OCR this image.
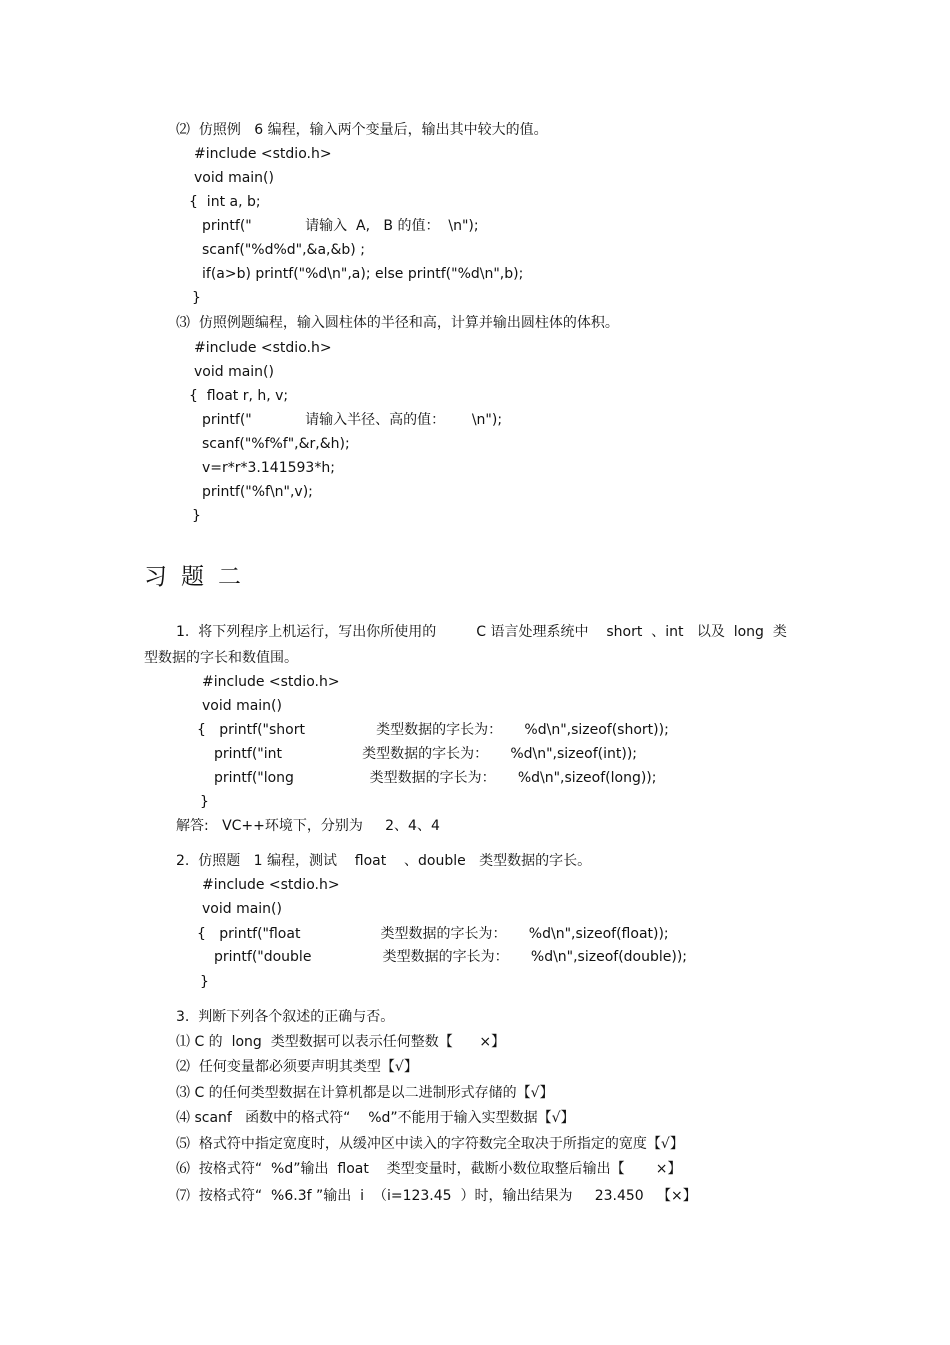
⑵  仿照例   6 编程，输入两个变量后，输出其中较大的值。
#include <stdio.h>
void main()
{  int a, b;
printf("            请输入  A,   B 的值：  \n");
scanf("%d%d",&a,&b) ;
if(a>b) printf("%d\n",a); else printf("%d\n",b);
}
⑶  仿照例题编程，输入圆柱体的半径和高，计算并输出圆柱体的体积。
#include <stdio.h>
void main()
{  float r, h, v;
printf("            请输入半径、高的值：      \n");
scanf("%f%f",&r,&h);
v=r*r*3.141593*h;
printf("%f\n",v);
}
习题二
1.  将下列程序上机运行，写出你所使用的         C 语言处理系统中    short  、int   以及  long  类
型数据的字长和数值围。
#include <stdio.h>
void main()
{   printf("short                类型数据的字长为：     %d\n",sizeof(short));
printf("int                  类型数据的字长为：     %d\n",sizeof(int));
printf("long                 类型数据的字长为：     %d\n",sizeof(long));
}
解答:   VC++环境下，分别为     2、4、4
2.  仿照题   1 编程，测试    float    、double   类型数据的字长。
#include <stdio.h>
void main()
{   printf("float                  类型数据的字长为：     %d\n",sizeof(float));
printf("double                类型数据的字长为：     %d\n",sizeof(double));
}
3.  判断下列各个叙述的正确与否。
⑴ C 的  long  类型数据可以表示任何整数【      ×】
⑵  任何变量都必须要声明其类型【√】
⑶ C 的任何类型数据在计算机都是以二进制形式存储的【√】
⑷ scanf   函数中的格式符“    %d”不能用于输入实型数据【√】
⑸  格式符中指定宽度时，从缓冲区中读入的字符数完全取决于所指定的宽度【√】
⑹  按格式符“  %d”输出  float    类型变量时，截断小数位取整后输出【       ×】
⑺  按格式符“  %6.3f ”输出  i  （i=123.45  ）时，输出结果为     23.450   【×】
